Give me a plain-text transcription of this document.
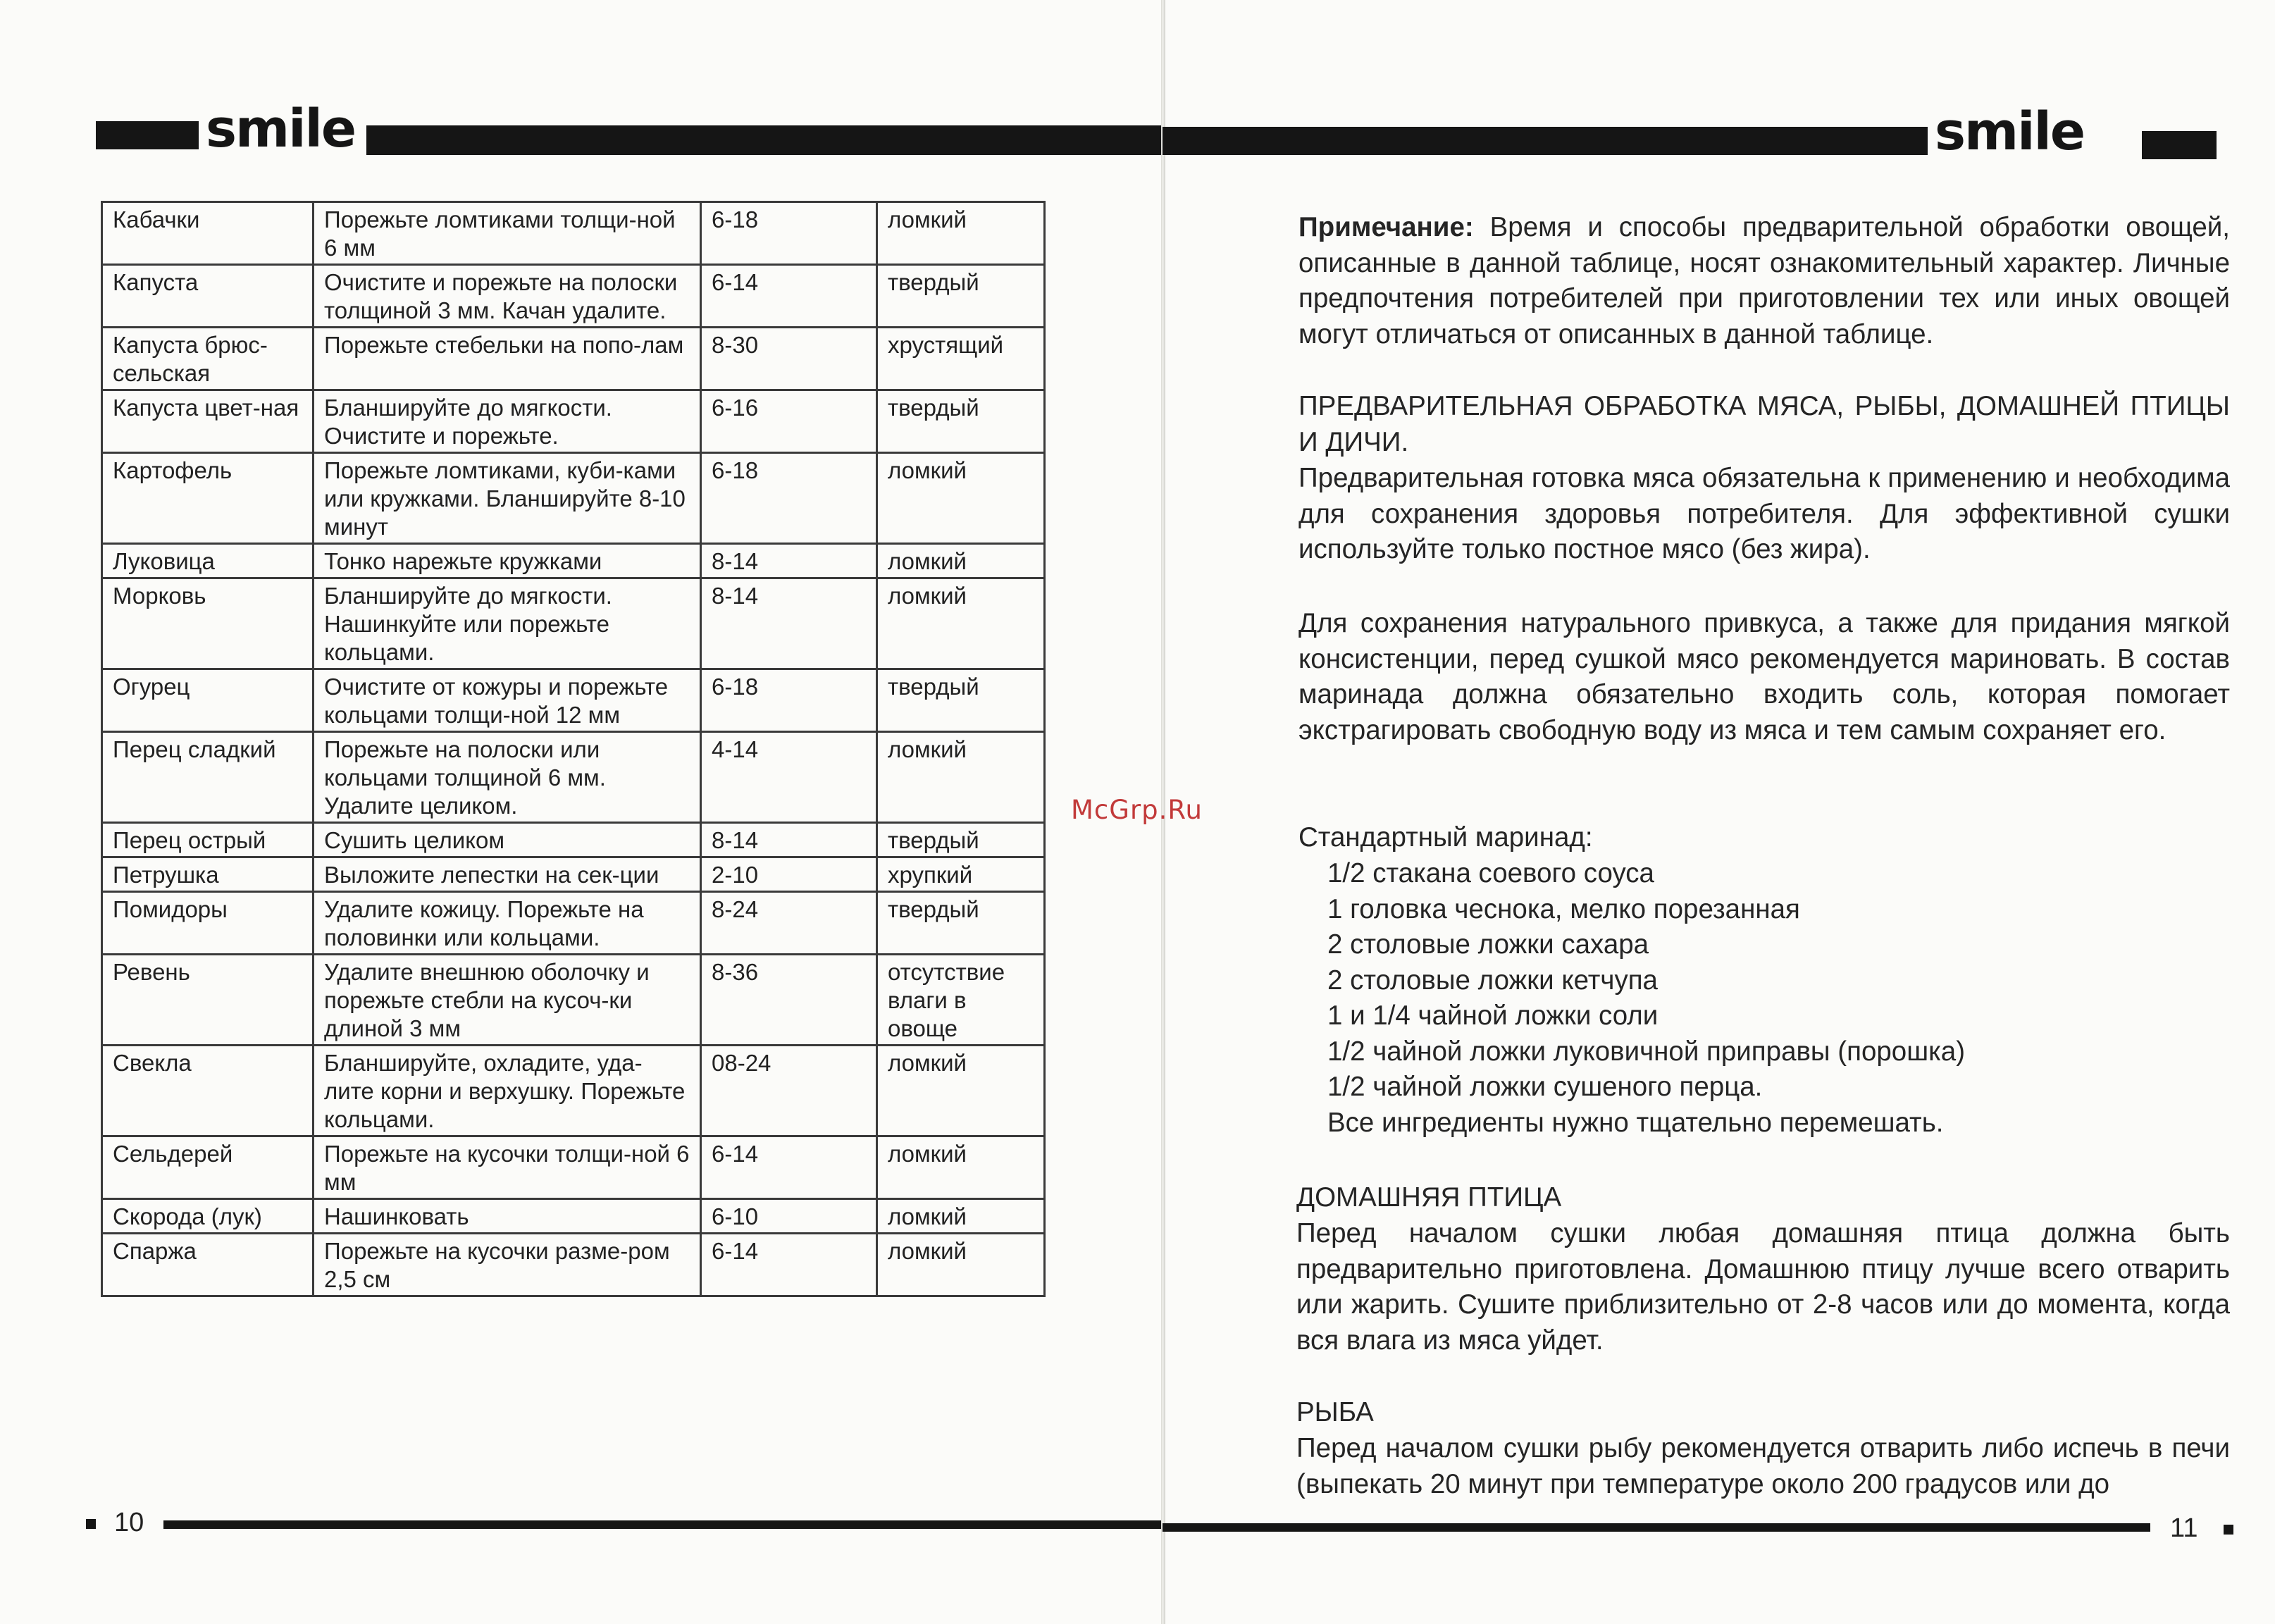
smile
Кабачки	Порежьте ломтиками толщи-ной 6 мм	6-18	ломкий
Капуста	Очистите и порежьте на полоски толщиной 3 мм. Качан удалите.	6-14	твердый
Капуста брюс-сельская	Порежьте стебельки на попо-лам	8-30	хрустящий
Капуста цвет-ная	Бланшируйте до мягкости. Очистите и порежьте.	6-16	твердый
Картофель	Порежьте ломтиками, куби-ками или кружками. Бланшируйте 8-10 минут	6-18	ломкий
Луковица	Тонко нарежьте кружками	8-14	ломкий
Морковь	Бланшируйте до мягкости. Нашинкуйте или порежьте кольцами.	8-14	ломкий
Огурец	Очистите от кожуры и порежьте кольцами толщи-ной 12 мм	6-18	твердый
Перец сладкий	Порежьте на полоски или кольцами толщиной 6 мм. Удалите целиком.	4-14	ломкий
Перец острый	Сушить целиком	8-14	твердый
Петрушка	Выложите лепестки на сек-ции	2-10	хрупкий
Помидоры	Удалите кожицу. Порежьте на половинки или кольцами.	8-24	твердый
Ревень	Удалите внешнюю оболочку и порежьте стебли на кусоч-ки длиной 3 мм	8-36	отсутствие влаги в овоще
Свекла	Бланшируйте, охладите, уда-лите корни и верхушку. Порежьте кольцами.	08-24	ломкий
Сельдерей	Порежьте на кусочки толщи-ной 6 мм	6-14	ломкий
Скорода (лук)	Нашинковать	6-10	ломкий
Спаржа	Порежьте на кусочки разме-ром 2,5 см	6-14	ломкий
10
smile
Примечание: Время и способы предварительной обработки овощей, описанные в данной таблице, носят ознакомительный характер. Личные предпочтения потребителей при приготовлении тех или иных овощей могут отличаться от описанных в данной таблице.
ПРЕДВАРИТЕЛЬНАЯ ОБРАБОТКА МЯСА, РЫБЫ, ДОМАШНЕЙ ПТИЦЫ И ДИЧИ.
Предварительная готовка мяса обязательна к применению и необходима для сохранения здоровья потребителя. Для эффективной сушки используйте только постное мясо (без жира).
Для сохранения натурального привкуса, а также для придания мягкой консистенции, перед сушкой мясо рекомендуется мариновать. В состав маринада должна обязательно входить соль, которая помогает экстрагировать свободную воду из мяса и тем самым сохраняет его.
Стандартный маринад:
1/2 стакана соевого соуса
1 головка чеснока, мелко порезанная
2 столовые ложки сахара
2 столовые ложки кетчупа
1 и 1/4 чайной ложки соли
1/2 чайной ложки луковичной приправы (порошка)
1/2 чайной ложки сушеного перца.
Все ингредиенты нужно тщательно перемешать.
ДОМАШНЯЯ ПТИЦА
Перед началом сушки любая домашняя птица должна быть предварительно приготовлена. Домашнюю птицу лучше всего отварить или жарить. Сушите приблизительно от 2-8 часов или до момента, когда вся влага из мяса уйдет.
РЫБА
Перед началом сушки рыбу рекомендуется отварить либо испечь в печи (выпекать 20 минут при температуре около 200 градусов или до
11
McGrp.Ru
